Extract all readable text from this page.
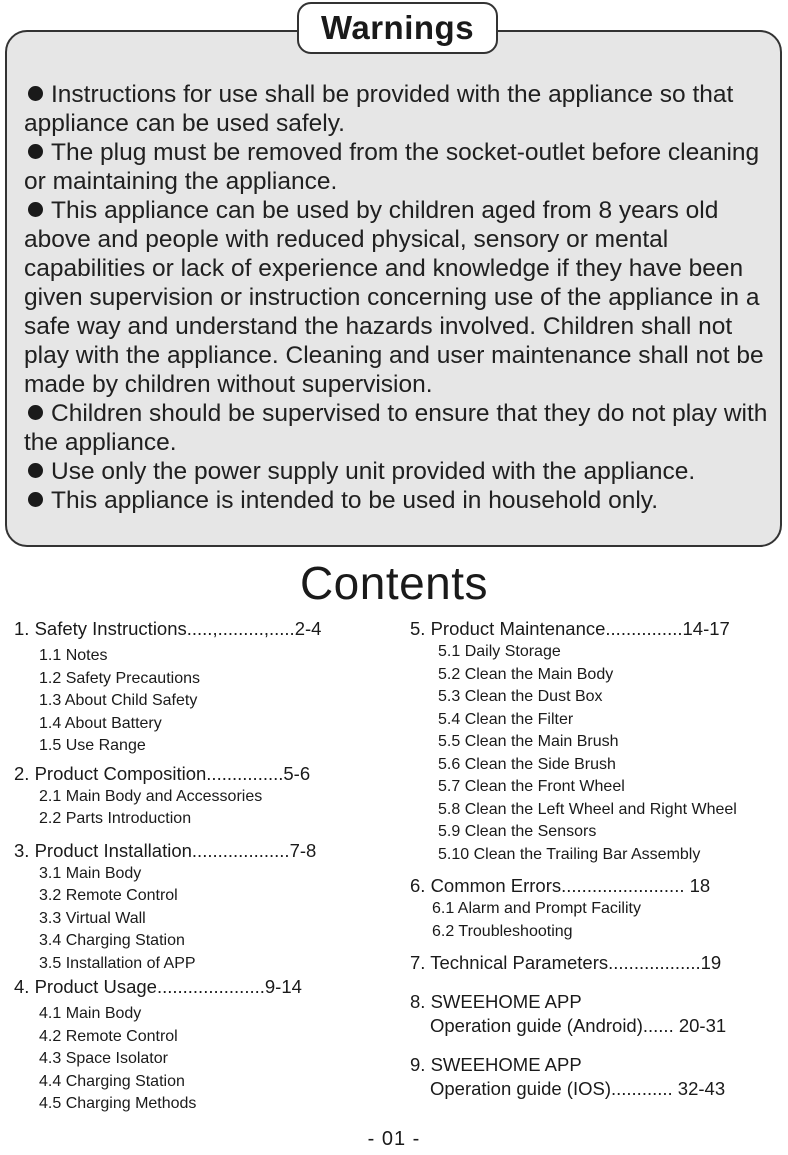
Warnings

Instructions for use shall be provided with the appliance so that appliance can be used safely.

The plug must be removed from the socket-outlet before cleaning or maintaining the appliance.

This appliance can be used by children aged from 8 years old above and people with reduced physical, sensory or mental capabilities or lack of experience and knowledge if they have been given supervision or instruction concerning use of the appliance in a safe way and understand the hazards involved. Children shall not play with the appliance. Cleaning and user maintenance shall not be made by children without supervision.

Children should be supervised to ensure that they do not play with the appliance.

Use only the power supply unit provided with the appliance.

This appliance is intended to be used in household only.

Contents
1. Safety Instructions.....,.........,.....2-4
1.1 Notes
1.2 Safety Precautions
1.3 About Child Safety
1.4 About Battery
1.5 Use Range
2. Product Composition...............5-6
2.1 Main Body and Accessories
2.2 Parts Introduction
3. Product Installation...................7-8
3.1 Main Body
3.2 Remote Control
3.3 Virtual Wall
3.4 Charging Station
3.5 Installation of APP
4. Product Usage.....................9-14
4.1 Main Body
4.2 Remote Control
4.3 Space Isolator
4.4 Charging Station
4.5 Charging Methods
5. Product Maintenance...............14-17
5.1 Daily Storage
5.2 Clean the Main Body
5.3 Clean the Dust Box
5.4 Clean the Filter
5.5 Clean the Main Brush
5.6 Clean the Side Brush
5.7 Clean the Front Wheel
5.8 Clean the Left Wheel and Right Wheel
5.9 Clean the Sensors
5.10 Clean the Trailing Bar Assembly
6. Common Errors........................ 18
6.1 Alarm and Prompt Facility
6.2 Troubleshooting
7. Technical Parameters..................19
8. SWEEHOME APP
Operation guide (Android)...... 20-31
9. SWEEHOME APP
Operation guide (IOS)............ 32-43
- 01 -
